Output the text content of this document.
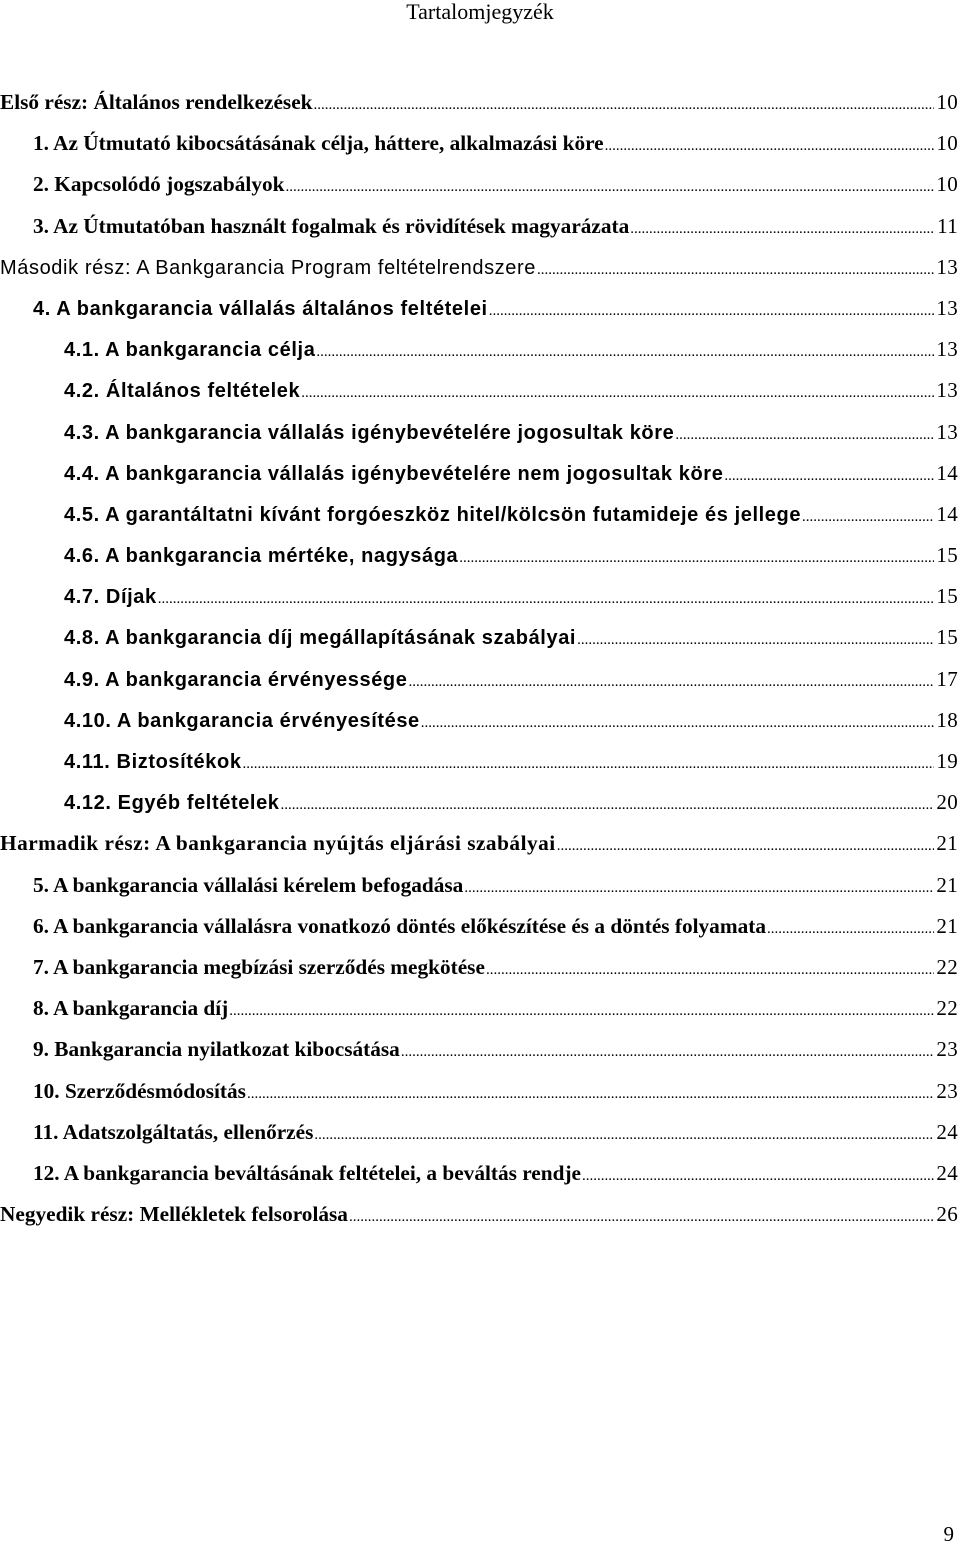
Tartalomjegyzék
Első rész: Általános rendelkezések .....	10
1. Az Útmutató kibocsátásának célja, háttere, alkalmazási köre .....	10
2. Kapcsolódó jogszabályok .....	10
3. Az Útmutatóban használt fogalmak és rövidítések magyarázata .....	11
Második rész: A Bankgarancia Program feltételrendszere .....	13
4. A bankgarancia vállalás általános feltételei .....	13
4.1. A bankgarancia célja .....	13
4.2. Általános feltételek .....	13
4.3. A bankgarancia vállalás igénybevételére jogosultak köre .....	13
4.4. A bankgarancia vállalás igénybevételére nem jogosultak köre .....	14
4.5. A garantáltatni kívánt forgóeszköz hitel/kölcsön futamideje és jellege .....	14
4.6. A bankgarancia mértéke, nagysága .....	15
4.7. Díjak .....	15
4.8. A bankgarancia díj megállapításának szabályai .....	15
4.9. A bankgarancia érvényessége .....	17
4.10. A bankgarancia érvényesítése .....	18
4.11. Biztosítékok .....	19
4.12. Egyéb feltételek .....	20
Harmadik rész: A bankgarancia nyújtás eljárási szabályai .....	21
5. A bankgarancia vállalási kérelem befogadása .....	21
6. A bankgarancia vállalásra vonatkozó döntés előkészítése és a döntés folyamata .....	21
7. A bankgarancia megbízási szerződés megkötése .....	22
8. A bankgarancia díj .....	22
9. Bankgarancia nyilatkozat kibocsátása .....	23
10. Szerződésmódosítás .....	23
11. Adatszolgáltatás, ellenőrzés .....	24
12. A bankgarancia beváltásának feltételei, a beváltás rendje .....	24
Negyedik rész: Mellékletek felsorolása .....	26
9
